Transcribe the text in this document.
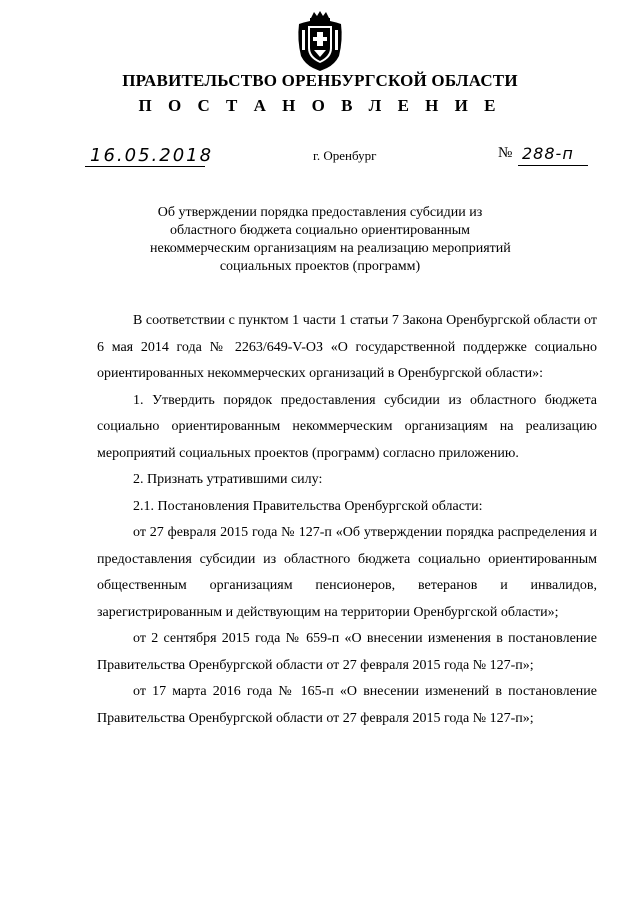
ПРАВИТЕЛЬСТВО ОРЕНБУРГСКОЙ ОБЛАСТИ
П О С Т А Н О В Л Е Н И Е
16.05.2018	г. Оренбург	№ 288-п
Об утверждении порядка предоставления субсидии из
областного бюджета социально ориентированным
некоммерческим организациям на реализацию мероприятий
социальных проектов (программ)

В соответствии с пунктом 1 части 1 статьи 7 Закона Оренбургской области от 6 мая 2014 года № 2263/649-V-ОЗ «О государственной поддержке социально ориентированных некоммерческих организаций в Оренбургской области»:

1. Утвердить порядок предоставления субсидии из областного бюджета социально ориентированным некоммерческим организациям на реализацию мероприятий социальных проектов (программ) согласно приложению.

2. Признать утратившими силу:

2.1. Постановления Правительства Оренбургской области:

от 27 февраля 2015 года № 127-п «Об утверждении порядка распределения и предоставления субсидии из областного бюджета социально ориентированным общественным организациям пенсионеров, ветеранов и инвалидов, зарегистрированным и действующим на территории Оренбургской области»;

от 2 сентября 2015 года № 659-п «О внесении изменения в постановление Правительства Оренбургской области от 27 февраля 2015 года № 127-п»;

от 17 марта 2016 года № 165-п «О внесении изменений в постановление Правительства Оренбургской области от 27 февраля 2015 года № 127-п»;
